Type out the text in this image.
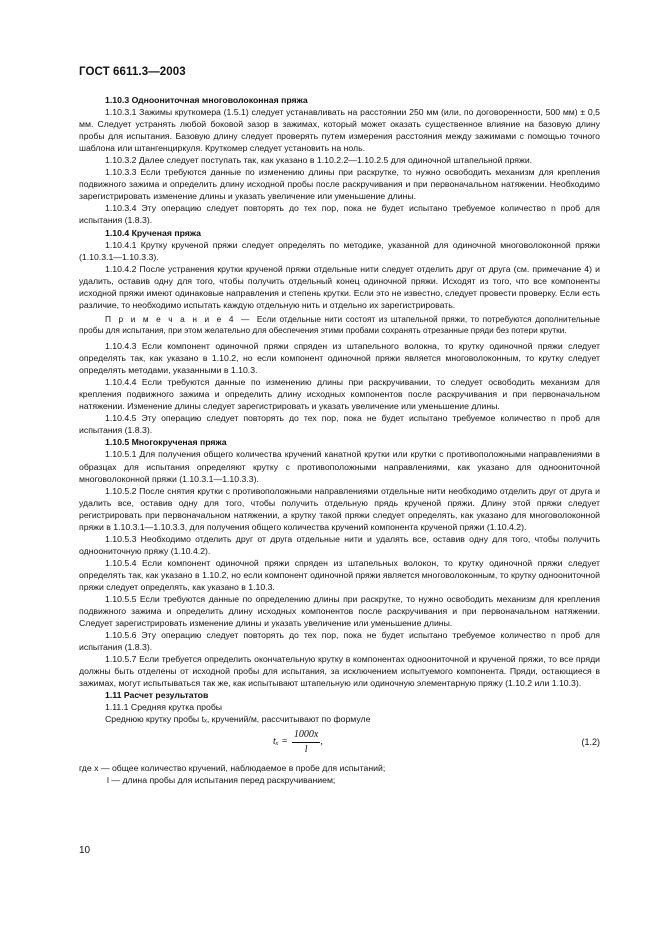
ГОСТ 6611.3—2003

1.10.3 Одноониточная многоволоконная пряжа

1.10.3.1 Зажимы круткомера (1.5.1) следует устанавливать на расстоянии 250 мм (или, по договоренности, 500 мм) ± 0,5 мм. Следует устранять любой боковой зазор в зажимах, который может оказать существенное влияние на базовую длину пробы для испытания. Базовую длину следует проверять путем измерения расстояния между зажимами с помощью точного шаблона или штангенциркуля. Круткомер следует установить на ноль.

1.10.3.2 Далее следует поступать так, как указано в 1.10.2.2—1.10.2.5 для одиночной штапельной пряжи.

1.10.3.3 Если требуются данные по изменению длины при раскрутке, то нужно освободить механизм для крепления подвижного зажима и определить длину исходной пробы после раскручивания и при первоначальном натяжении. Необходимо зарегистрировать изменение длины и указать увеличение или уменьшение длины.

1.10.3.4 Эту операцию следует повторять до тех пор, пока не будет испытано требуемое количество n проб для испытания (1.8.3).

1.10.4 Крученая пряжа

1.10.4.1 Крутку крученой пряжи следует определять по методике, указанной для одиночной многоволоконной пряжи (1.10.3.1—1.10.3.3).

1.10.4.2 После устранения крутки крученой пряжи отдельные нити следует отделить друг от друга (см. примечание 4) и удалить, оставив одну для того, чтобы получить отдельный конец одиночной пряжи. Исходят из того, что все компоненты исходной пряжи имеют одинаковые направления и степень крутки. Если это не известно, следует провести проверку. Если есть различие, то необходимо испытать каждую отдельную нить и отдельно их зарегистрировать.

П р и м е ч а н и е 4 — Если отдельные нити состоят из штапельной пряжи, то потребуются дополнительные пробы для испытания, при этом желательно для обеспечения этими пробами сохранять отрезанные пряди без потери крутки.

1.10.4.3 Если компонент одиночной пряжи спряден из штапельного волокна, то крутку одиночной пряжи следует определять так, как указано в 1.10.2, но если компонент одиночной пряжи является многоволоконным, то крутку следует определять методами, указанными в 1.10.3.

1.10.4.4 Если требуются данные по изменению длины при раскручивании, то следует освободить механизм для крепления подвижного зажима и определить длину исходных компонентов после раскручивания и при первоначальном натяжении. Изменение длины следует зарегистрировать и указать увеличение или уменьшение длины.

1.10.4.5 Эту операцию следует повторять до тех пор, пока не будет испытано требуемое количество n проб для испытания (1.8.3).

1.10.5 Многокрученая пряжа

1.10.5.1 Для получения общего количества кручений канатной крутки или крутки с противоположными направлениями в образцах для испытания определяют крутку с противоположными направлениями, как указано для одноониточной многоволоконной пряжи (1.10.3.1—1.10.3.3).

1.10.5.2 После снятия крутки с противоположными направлениями отдельные нити необходимо отделить друг от друга и удалить все, оставив одну для того, чтобы получить отдельную прядь крученой пряжи. Длину этой пряжи следует регистрировать при первоначальном натяжении, а крутку такой пряжи следует определять, как указано для многоволоконной пряжи в 1.10.3.1—1.10.3.3, для получения общего количества кручений компонента крученой пряжи (1.10.4.2).

1.10.5.3 Необходимо отделить друг от друга отдельные нити и удалять все, оставив одну для того, чтобы получить одноониточную пряжу (1.10.4.2).

1.10.5.4 Если компонент одиночной пряжи спряден из штапельных волокон, то крутку одиночной пряжи следует определять так, как указано в 1.10.2, но если компонент одиночной пряжи является многоволоконным, то крутку одноониточной пряжи следует определять, как указано в 1.10.3.

1.10.5.5 Если требуются данные по определению длины при раскрутке, то нужно освободить механизм для крепления подвижного зажима и определить длину исходных компонентов после раскручивания и при первоначальном натяжении. Следует зарегистрировать изменение длины и указать увеличение или уменьшение длины.

1.10.5.6 Эту операцию следует повторять до тех пор, пока не будет испытано требуемое количество n проб для испытания (1.8.3).

1.10.5.7 Если требуется определить окончательную крутку в компонентах одноониточной и крученой пряжи, то все пряди должны быть отделены от исходной пробы для испытания, за исключением испытуемого компонента. Пряди, остающиеся в зажимах, могут испытываться так же, как испытывают штапельную или одиночную элементарную пряжу (1.10.2 или 1.10.3).

1.11 Расчет результатов

1.11.1 Средняя крутка пробы

Среднюю крутку пробы tₓ, кручений/м, рассчитывают по формуле

$t_x = \frac{1000x}{l}$ ,	(1.2)

где x — общее количество кручений, наблюдаемое в пробе для испытаний;

l — длина пробы для испытания перед раскручиванием;

10
